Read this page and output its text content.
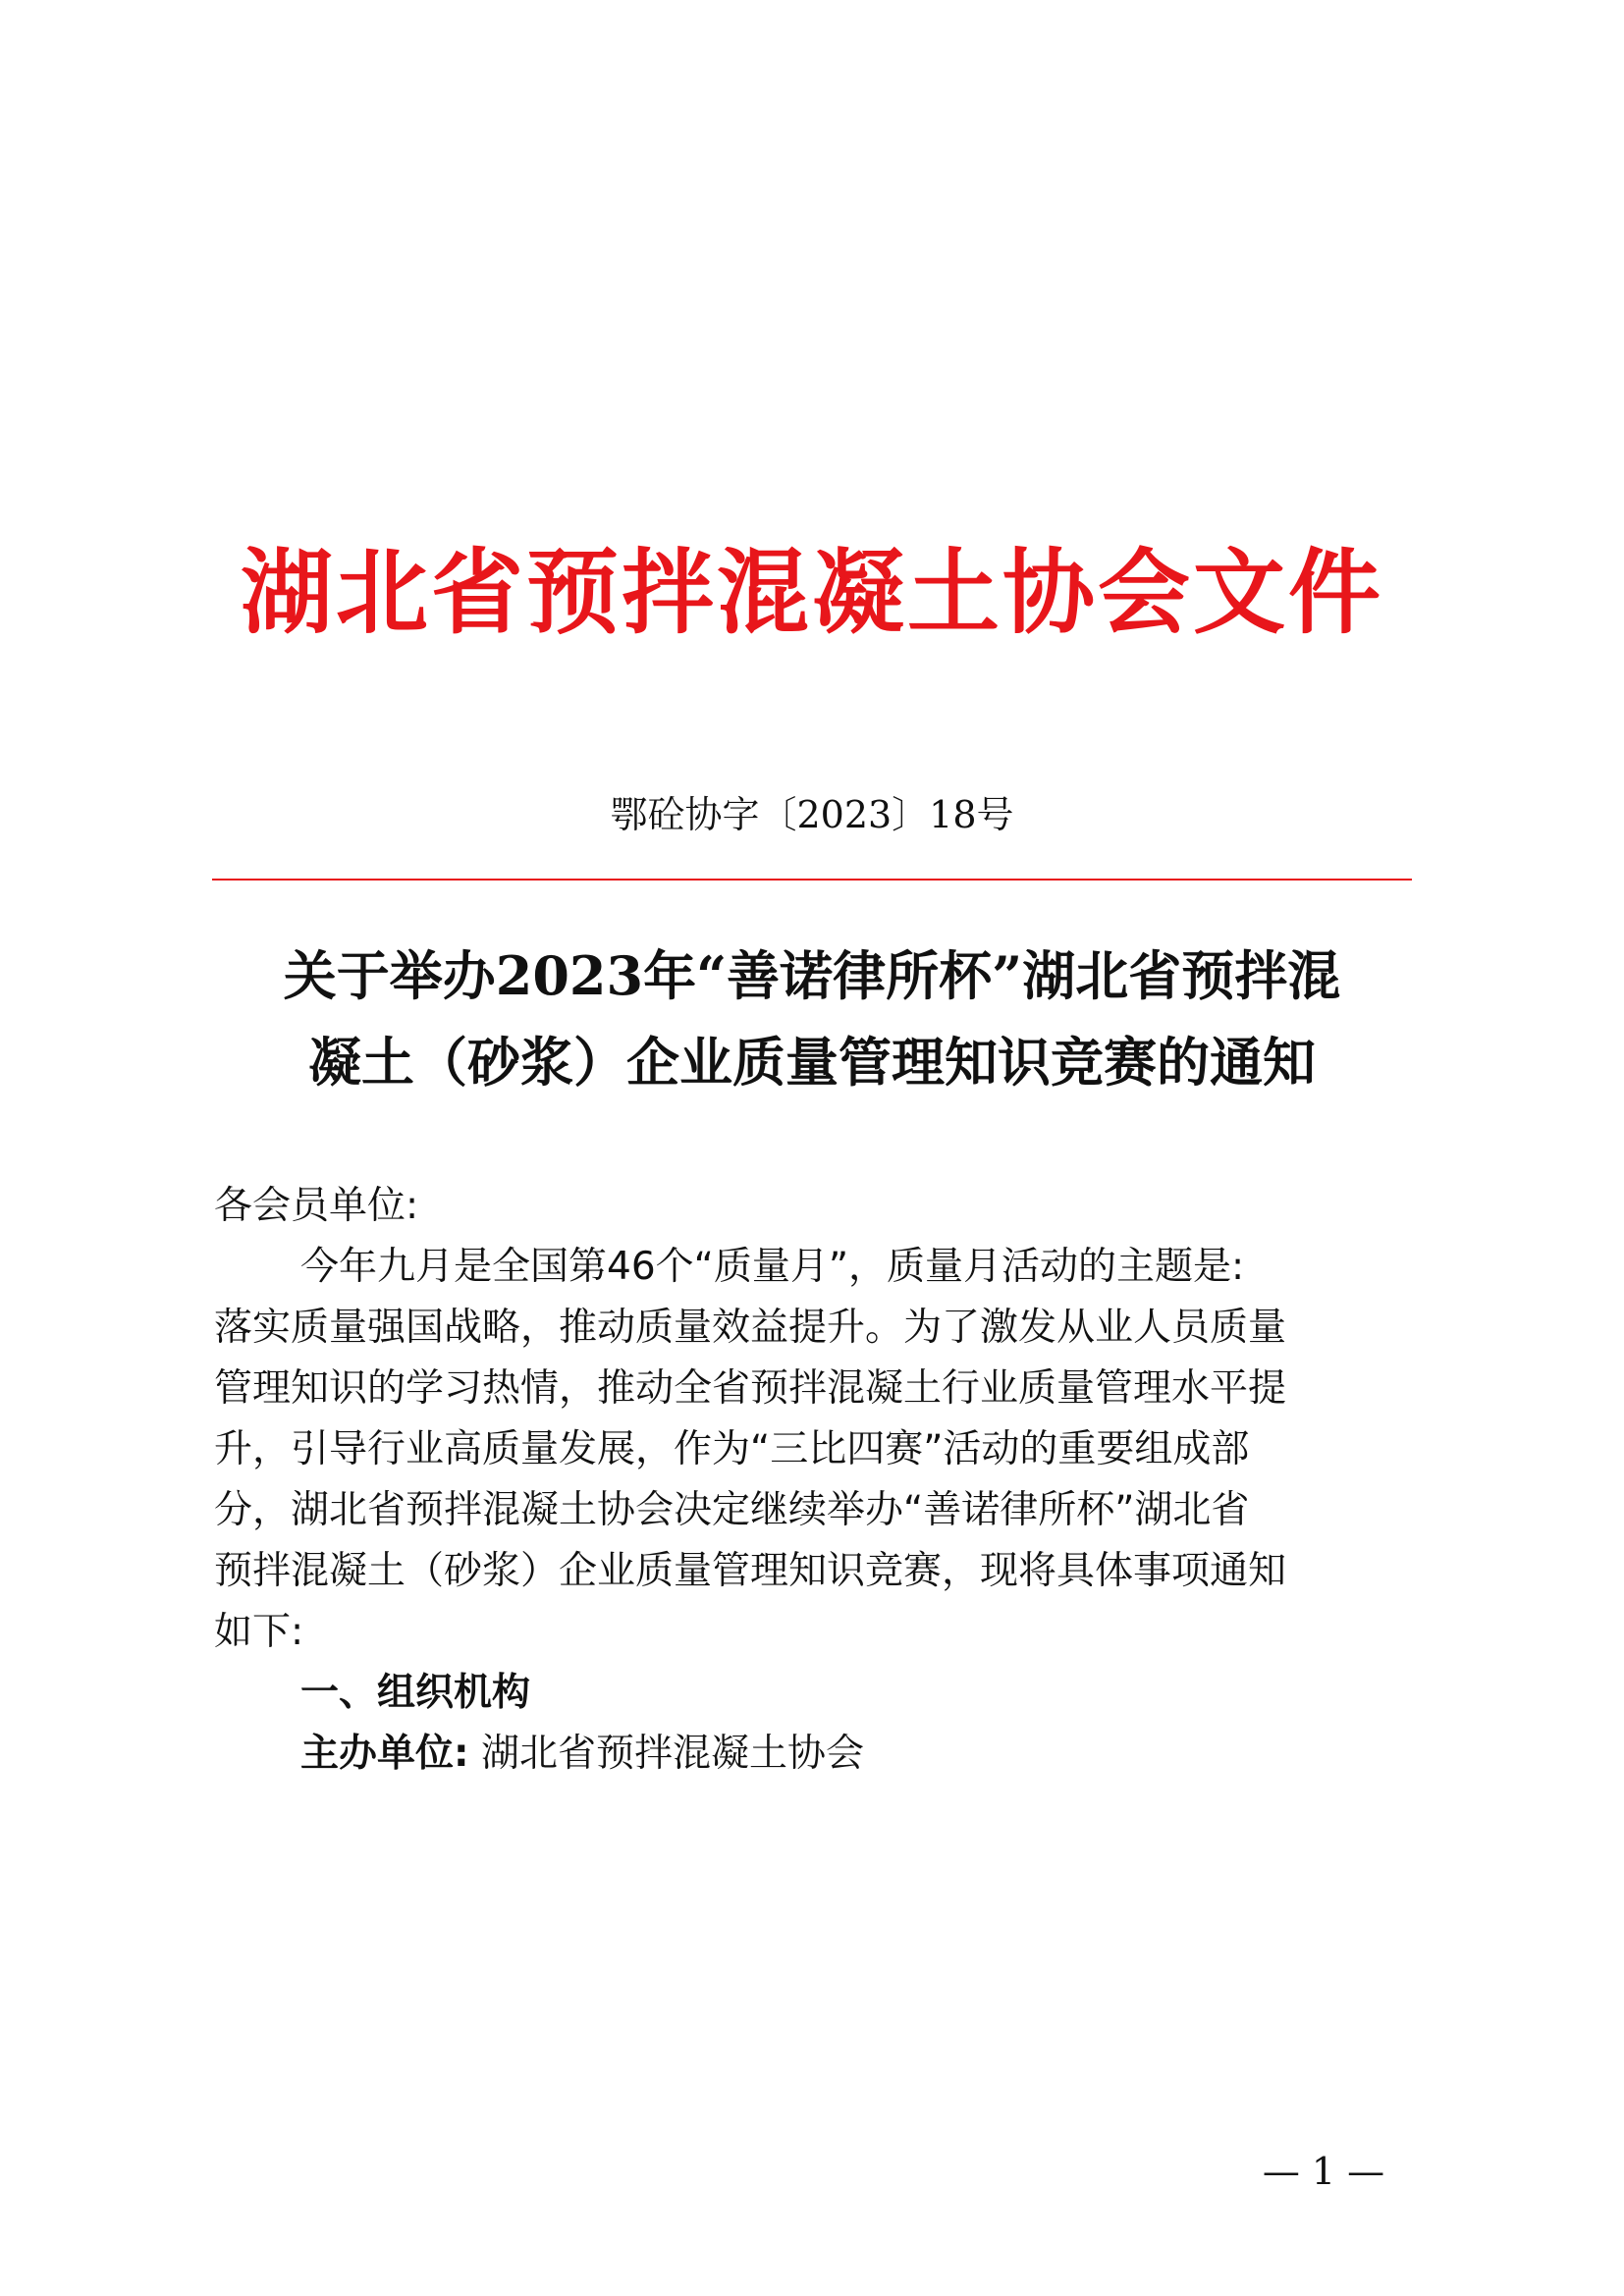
湖北省预拌混凝土协会文件
鄂砼协字〔2023〕18号
关于举办2023年“善诺律所杯”湖北省预拌混
凝土（砂浆）企业质量管理知识竞赛的通知
各会员单位:
今年九月是全国第46个“质量月”，质量月活动的主题是:
落实质量强国战略，推动质量效益提升。为了激发从业人员质量
管理知识的学习热情，推动全省预拌混凝土行业质量管理水平提
升，引导行业高质量发展，作为“三比四赛”活动的重要组成部
分，湖北省预拌混凝土协会决定继续举办“善诺律所杯”湖北省
预拌混凝土（砂浆）企业质量管理知识竞赛，现将具体事项通知
如下:
一、组织机构
主办单位: 湖北省预拌混凝土协会
— 1 —
